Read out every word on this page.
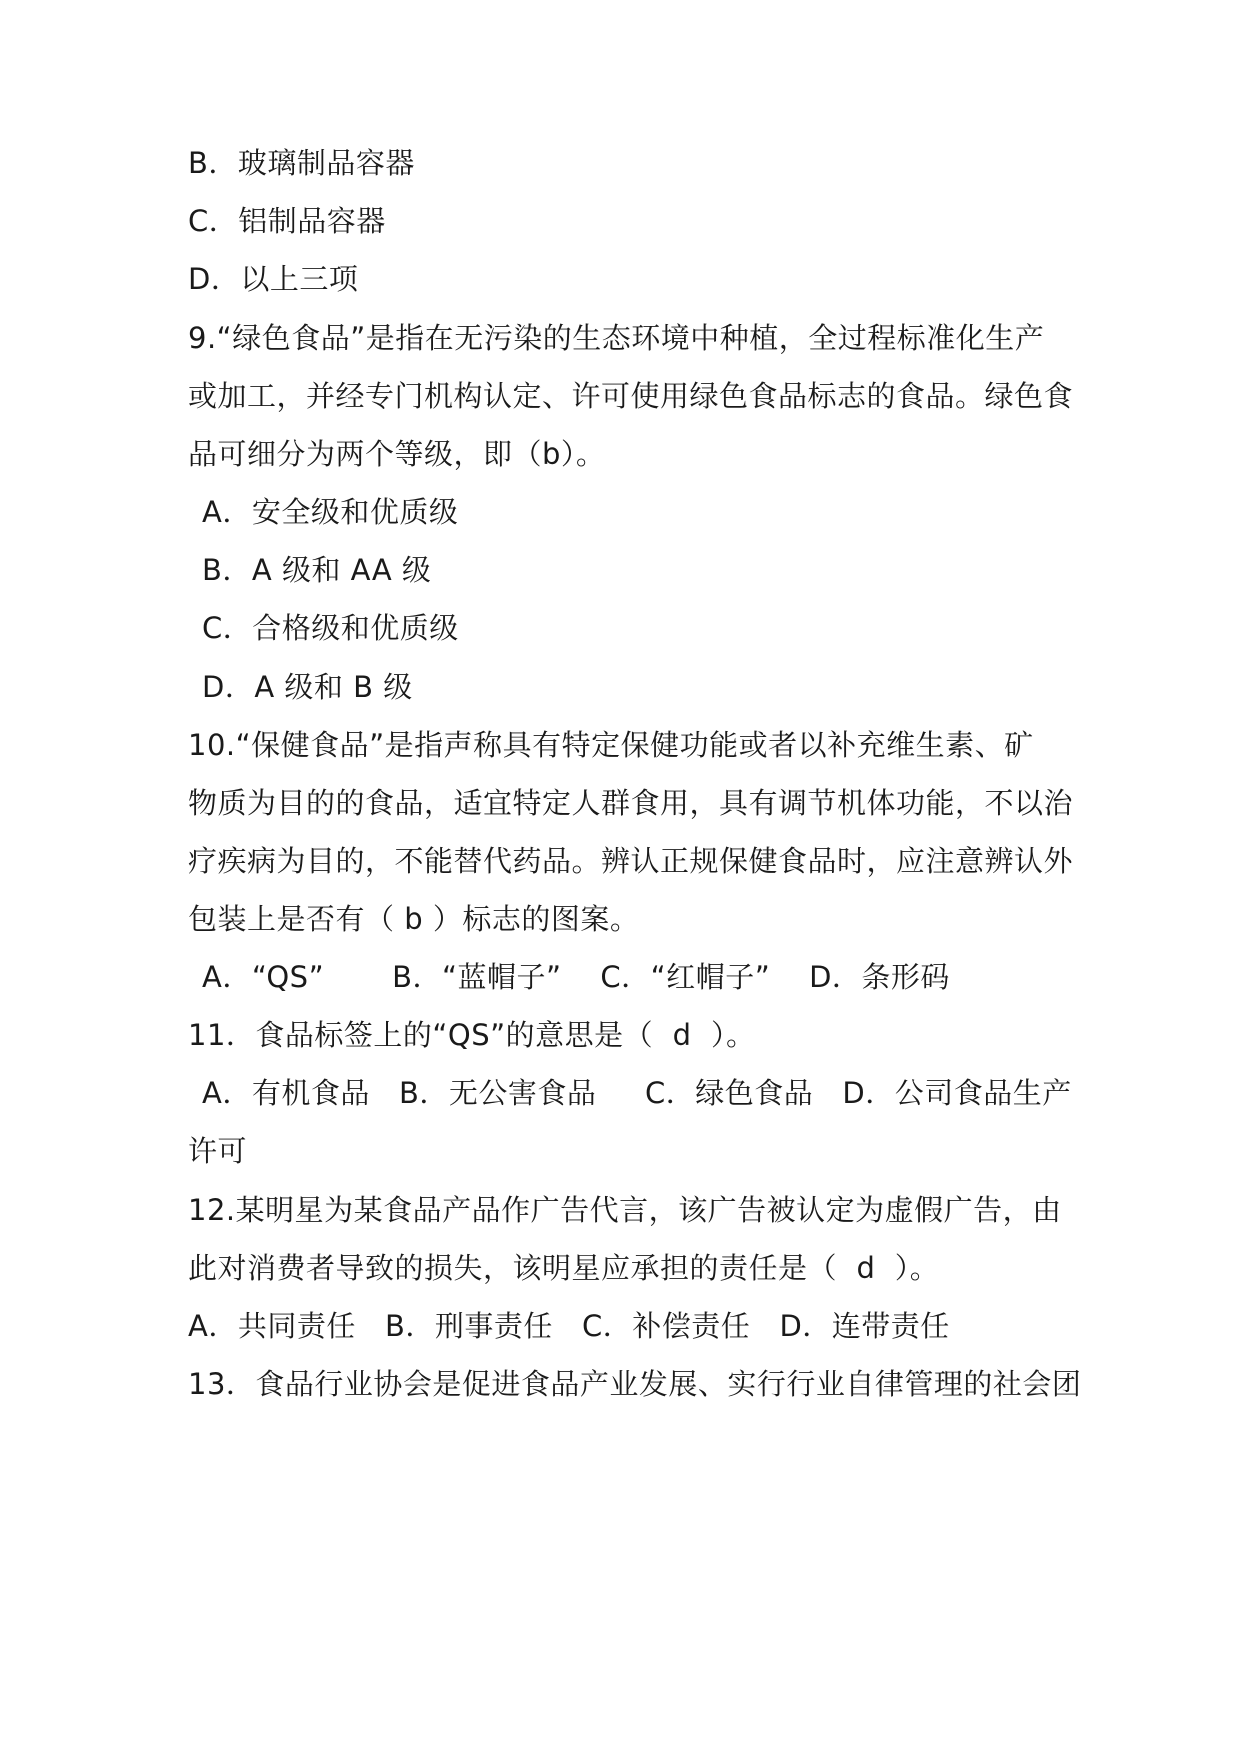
B．玻璃制品容器
C．铝制品容器
D．以上三项
9.“绿色食品”是指在无污染的生态环境中种植，全过程标准化生产
或加工，并经专门机构认定、许可使用绿色食品标志的食品。绿色食
品可细分为两个等级，即（b）。
A．安全级和优质级
B．A 级和 AA 级
C．合格级和优质级
D．A 级和 B 级
10.“保健食品”是指声称具有特定保健功能或者以补充维生素、矿
物质为目的的食品，适宜特定人群食用，具有调节机体功能，不以治
疗疾病为目的，不能替代药品。辨认正规保健食品时，应注意辨认外
包装上是否有（ b ）标志的图案。
A．“QS”       B．“蓝帽子”    C．“红帽子”    D．条形码
11．食品标签上的“QS”的意思是（  d  ）。
A．有机食品   B．无公害食品     C．绿色食品   D．公司食品生产
许可
12.某明星为某食品产品作广告代言，该广告被认定为虚假广告，由
此对消费者导致的损失，该明星应承担的责任是（  d  ）。
A．共同责任   B．刑事责任   C．补偿责任   D．连带责任
13．食品行业协会是促进食品产业发展、实行行业自律管理的社会团
